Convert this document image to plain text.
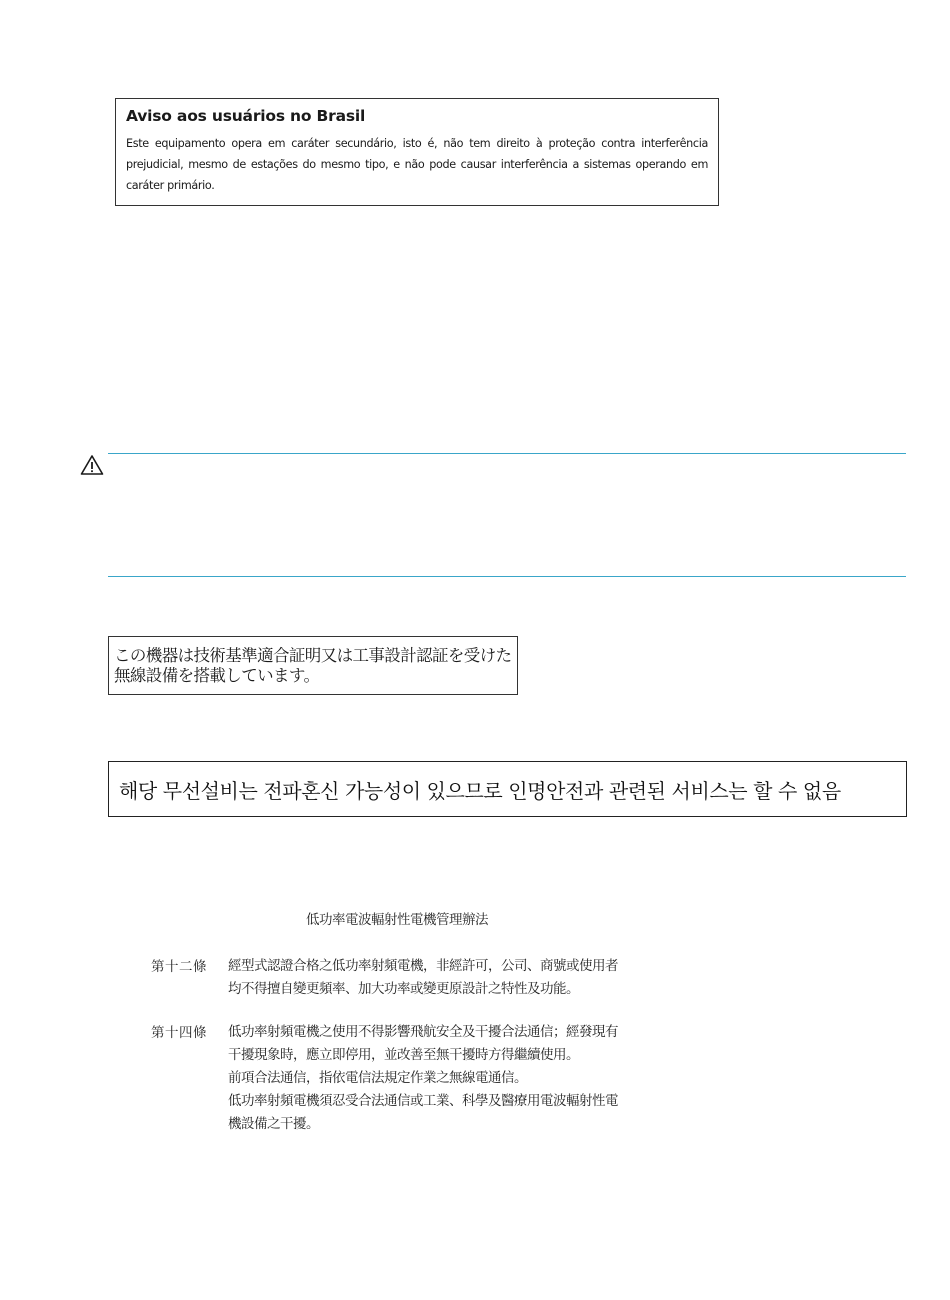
Aviso aos usuários no Brasil

Este equipamento opera em caráter secundário, isto é, não tem direito à proteção contra interferência prejudicial, mesmo de estações do mesmo tipo, e não pode causar interferência a sistemas operando em caráter primário.

この機器は技術基準適合証明又は工事設計認証を受けた

無線設備を搭載しています。

해당 무선설비는 전파혼신 가능성이 있으므로 인명안전과 관련된 서비스는 할 수 없음
低功率電波輻射性電機管理辦法
第十二條 經型式認證合格之低功率射頻電機，非經許可，公司、商號或使用者
均不得擅自變更頻率、加大功率或變更原設計之特性及功能。
第十四條 低功率射頻電機之使用不得影響飛航安全及干擾合法通信；經發現有
干擾現象時，應立即停用，並改善至無干擾時方得繼續使用。
前項合法通信，指依電信法規定作業之無線電通信。
低功率射頻電機須忍受合法通信或工業、科學及醫療用電波輻射性電
機設備之干擾。
